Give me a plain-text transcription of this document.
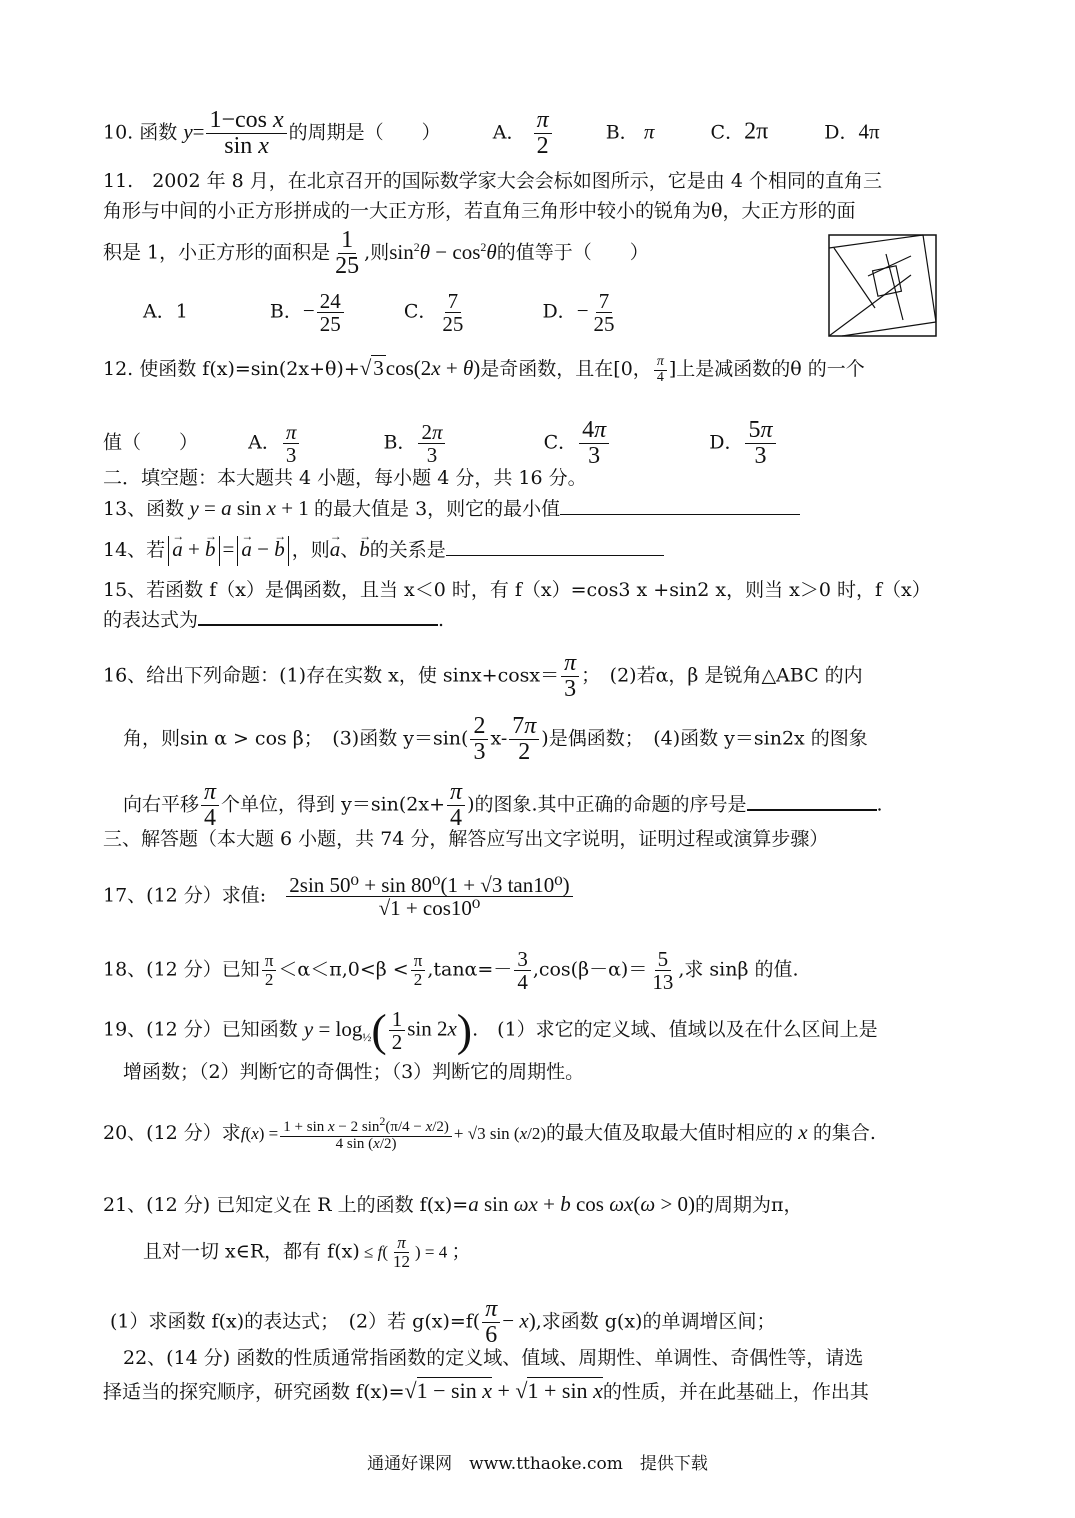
10. 函数 $y= \frac{\text{1−cos x}}{\text{sin x}}$ 的周期是（　　）	A． $\frac{\pi}{2}$	B． π	C．2π	D．4π
11.　2002 年 8 月，在北京召开的国际数学家大会会标如图所示，它是由 4 个相同的直角三
角形与中间的小正方形拼成的一大正方形，若直角三角形中较小的锐角为θ，大正方形的面
积是 1，小正方形的面积是 $\frac{1}{25}$ ,则$\sin^2\theta - \cos^2\theta$的值等于（　　）
A．1	B．− $\frac{24}{25}$	C． $\frac{7}{25}$	D．− $\frac{7}{25}$
12. 使函数 f(x)=sin(2x+θ)+√3cos(2x + θ)是奇函数，且在[0， $\frac{\pi}{4}$ ]上是减函数的θ 的一个
值（　　）	A． $\frac{\pi}{3}$	B． $\frac{2\pi}{3}$	C． $\frac{4\pi}{3}$	D． $\frac{5\pi}{3}$
二．填空题：本大题共 4 小题，每小题 4 分，共 16 分。
13、函数 y = a sin x + 1 的最大值是 3，则它的最小值
14、若 → a + → b = → a − → b ，则→ a、→ b的关系是
15、若函数 f（x）是偶函数，且当 x＜0 时，有 f（x）=cos3 x +sin2 x，则当 x＞0 时，f（x）
的表达式为	.
16、给出下列命题：(1)存在实数 x，使 $\sin x+\cos x= \frac{\pi}{3}$ ；　(2)若α，β 是锐角△ABC 的内
角，则sin α > cos β；　(3)函数 $y=\sin( \frac{2}{3} x- \frac{7\pi}{2}$ )是偶函数；　(4)函数 y＝sin2x 的图象
向右平移 $\frac{\pi}{4}$ 个单位，得到 $y=\sin(2x+ \frac{\pi}{4}$ )的图象.其中正确的命题的序号是	.
三、解答题（本大题 6 小题，共 74 分，解答应写出文字说明，证明过程或演算步骤）
17、(12 分）求值: $\frac{\text{2sin 50⁰ + sin 80⁰(1 + √3 tan10⁰)}}{\text{√1 + cos10⁰}}$
18、(12 分）已知 $\frac{\pi}{2} <\alpha<\pi,0<\beta < \frac{\pi}{2} ,\tan\alpha=- \frac{3}{4} ,\cos(\beta-\alpha)= \frac{5}{13}$ ,求 sinβ 的值.
19、(12 分）已知函数 $y = \log_{\frac{1}{2}}( \frac{1}{2}$ sin 2x).　(1）求它的定义域、值域以及在什么区间上是
增函数；（2）判断它的奇偶性；（3）判断它的周期性。
20、(12 分）求$f(x) = \frac{1 + \sin x - 2 \sin^2(\pi/4 - x/2)}{4 \sin (x/2)} + √3$ sin (x/2)的最大值及取最大值时相应的 x 的集合.
21、(12 分) 已知定义在 R 上的函数 f(x)=a sin ωx + b cos ωx(ω > 0)的周期为π，
且对一切 x∈R，都有 $f(x) \le f( \frac{\pi}{12}$ ) = 4 ；
(1）求函数 f(x)的表达式；　(2）若 $g(x)=f( \frac{\pi}{6} - x)$,求函数 g(x)的单调增区间；
22、(14 分) 函数的性质通常指函数的定义域、值域、周期性、单调性、奇偶性等，请选
择适当的探究顺序，研究函数 f(x)=√1 − sin x + √1 + sin x的性质，并在此基础上，作出其
通通好课网　www.tthaoke.com　提供下载
